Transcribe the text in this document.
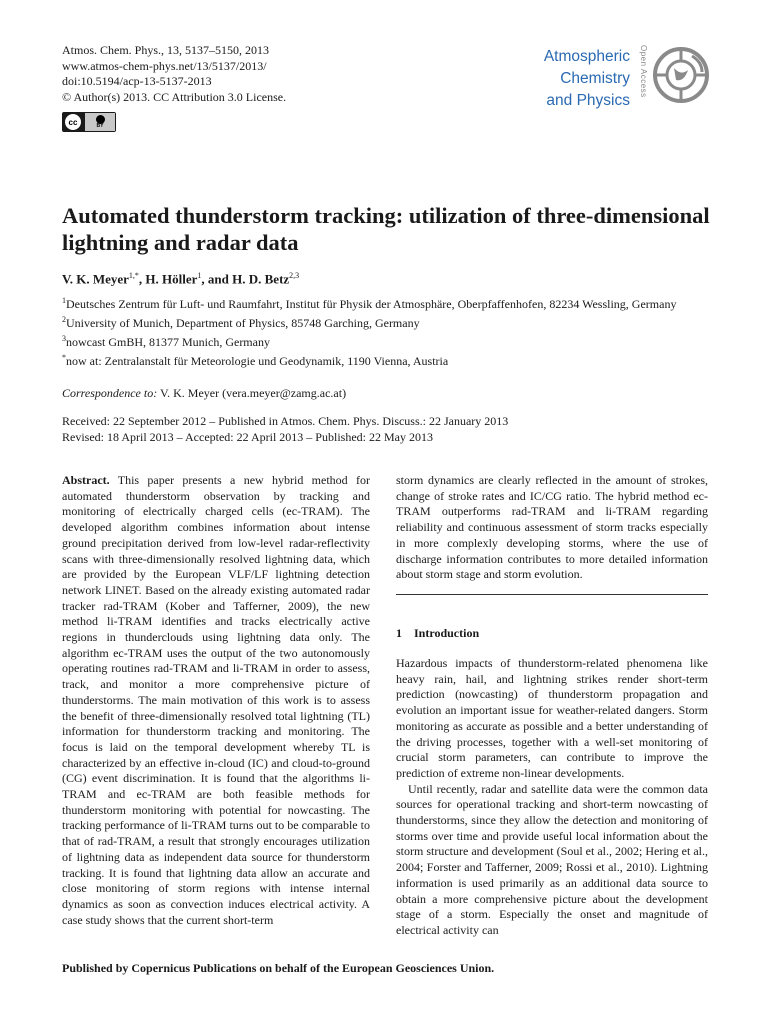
Atmos. Chem. Phys., 13, 5137–5150, 2013
www.atmos-chem-phys.net/13/5137/2013/
doi:10.5194/acp-13-5137-2013
© Author(s) 2013. CC Attribution 3.0 License.
cc	BY
Atmospheric
Chemistry
and Physics
Open Access
Automated thunderstorm tracking: utilization of three-dimensional lightning and radar data
V. K. Meyer$^{1,*}$, H. Höller$^1$, and H. D. Betz$^{2,3}$
$^1$Deutsches Zentrum für Luft- und Raumfahrt, Institut für Physik der Atmosphäre, Oberpfaffenhofen, 82234 Wessling, Germany
$^2$University of Munich, Department of Physics, 85748 Garching, Germany
$^3$nowcast GmBH, 81377 Munich, Germany
*now at: Zentralanstalt für Meteorologie und Geodynamik, 1190 Vienna, Austria
Correspondence to: V. K. Meyer (vera.meyer@zamg.ac.at)
Received: 22 September 2012 – Published in Atmos. Chem. Phys. Discuss.: 22 January 2013
Revised: 18 April 2013 – Accepted: 22 April 2013 – Published: 22 May 2013

Abstract. This paper presents a new hybrid method for automated thunderstorm observation by tracking and monitoring of electrically charged cells (ec-TRAM). The developed algorithm combines information about intense ground precipitation derived from low-level radar-reflectivity scans with three-dimensionally resolved lightning data, which are provided by the European VLF/LF lightning detection network LINET. Based on the already existing automated radar tracker rad-TRAM (Kober and Tafferner, 2009), the new method li-TRAM identifies and tracks electrically active regions in thunderclouds using lightning data only. The algorithm ec-TRAM uses the output of the two autonomously operating routines rad-TRAM and li-TRAM in order to assess, track, and monitor a more comprehensive picture of thunderstorms. The main motivation of this work is to assess the benefit of three-dimensionally resolved total lightning (TL) information for thunderstorm tracking and monitoring. The focus is laid on the temporal development whereby TL is characterized by an effective in-cloud (IC) and cloud-to-ground (CG) event discrimination. It is found that the algorithms li-TRAM and ec-TRAM are both feasible methods for thunderstorm monitoring with potential for nowcasting. The tracking performance of li-TRAM turns out to be comparable to that of rad-TRAM, a result that strongly encourages utilization of lightning data as independent data source for thunderstorm tracking. It is found that lightning data allow an accurate and close monitoring of storm regions with intense internal dynamics as soon as convection induces electrical activity. A case study shows that the current short-term

storm dynamics are clearly reflected in the amount of strokes, change of stroke rates and IC/CG ratio. The hybrid method ec-TRAM outperforms rad-TRAM and li-TRAM regarding reliability and continuous assessment of storm tracks especially in more complexly developing storms, where the use of discharge information contributes to more detailed information about storm stage and storm evolution.

1 Introduction

Hazardous impacts of thunderstorm-related phenomena like heavy rain, hail, and lightning strikes render short-term prediction (nowcasting) of thunderstorm propagation and evolution an important issue for weather-related dangers. Storm monitoring as accurate as possible and a better understanding of the driving processes, together with a well-set monitoring of crucial storm parameters, can contribute to improve the prediction of extreme non-linear developments.

Until recently, radar and satellite data were the common data sources for operational tracking and short-term nowcasting of thunderstorms, since they allow the detection and monitoring of storms over time and provide useful local information about the storm structure and development (Soul et al., 2002; Hering et al., 2004; Forster and Tafferner, 2009; Rossi et al., 2010). Lightning information is used primarily as an additional data source to obtain a more comprehensive picture about the development stage of a storm. Especially the onset and magnitude of electrical activity can

Published by Copernicus Publications on behalf of the European Geosciences Union.
